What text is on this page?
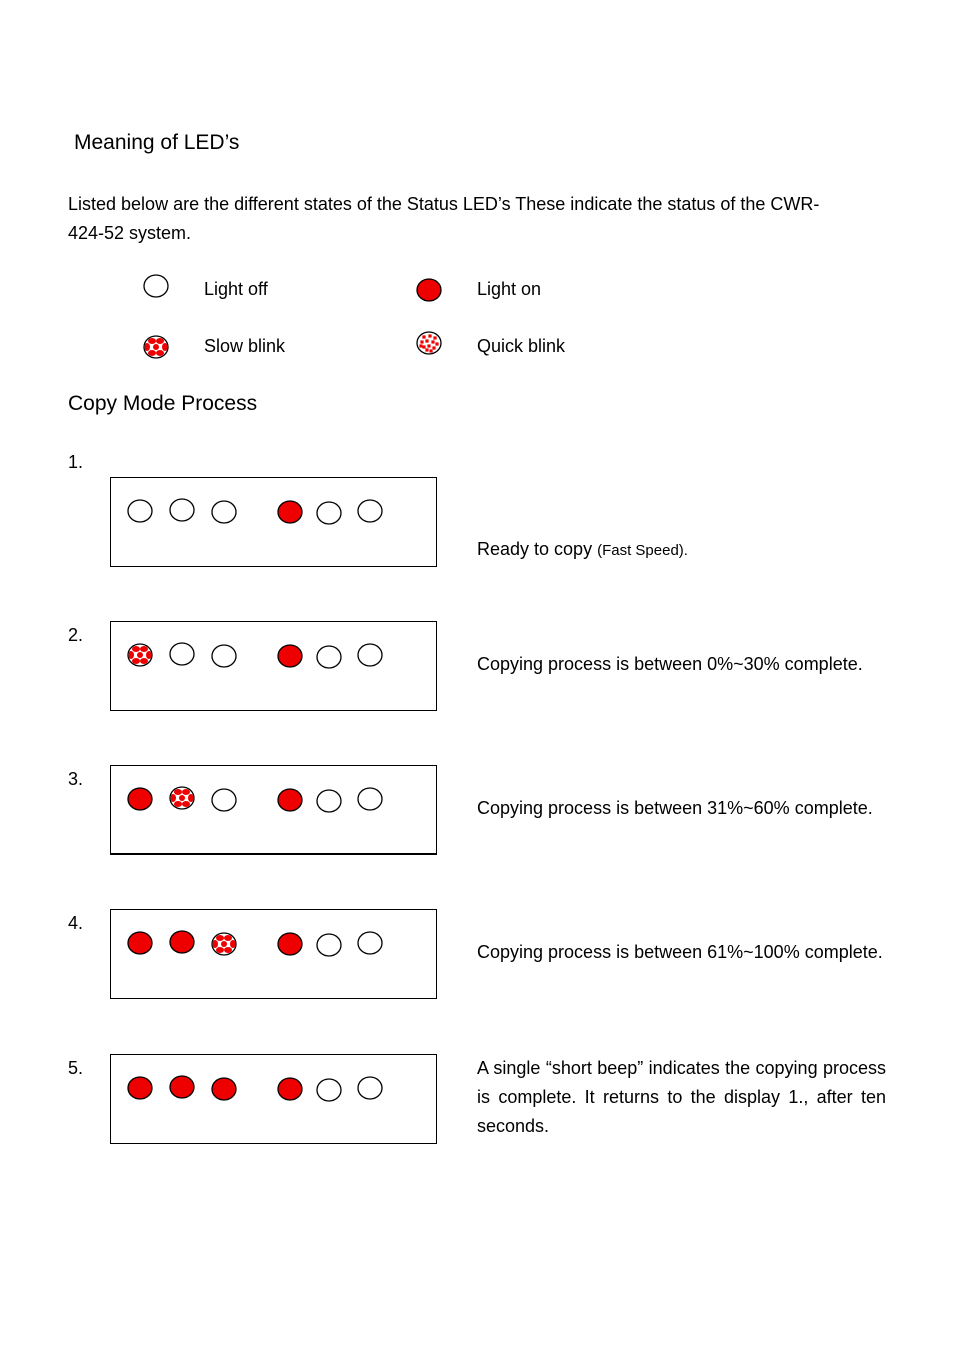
Meaning of LED’s
Listed below are the different states of the Status LED’s These indicate the status of the CWR-424-52 system.
Light off	Light on
Slow blink	Quick blink
Copy Mode Process
1.
Ready to copy (Fast Speed).
2.
Copying process is between 0%~30% complete.
3.
Copying process is between 31%~60% complete.
4.
Copying process is between 61%~100% complete.
5.	A single “short beep” indicates the copying process is complete. It returns to the display 1., after ten seconds.
